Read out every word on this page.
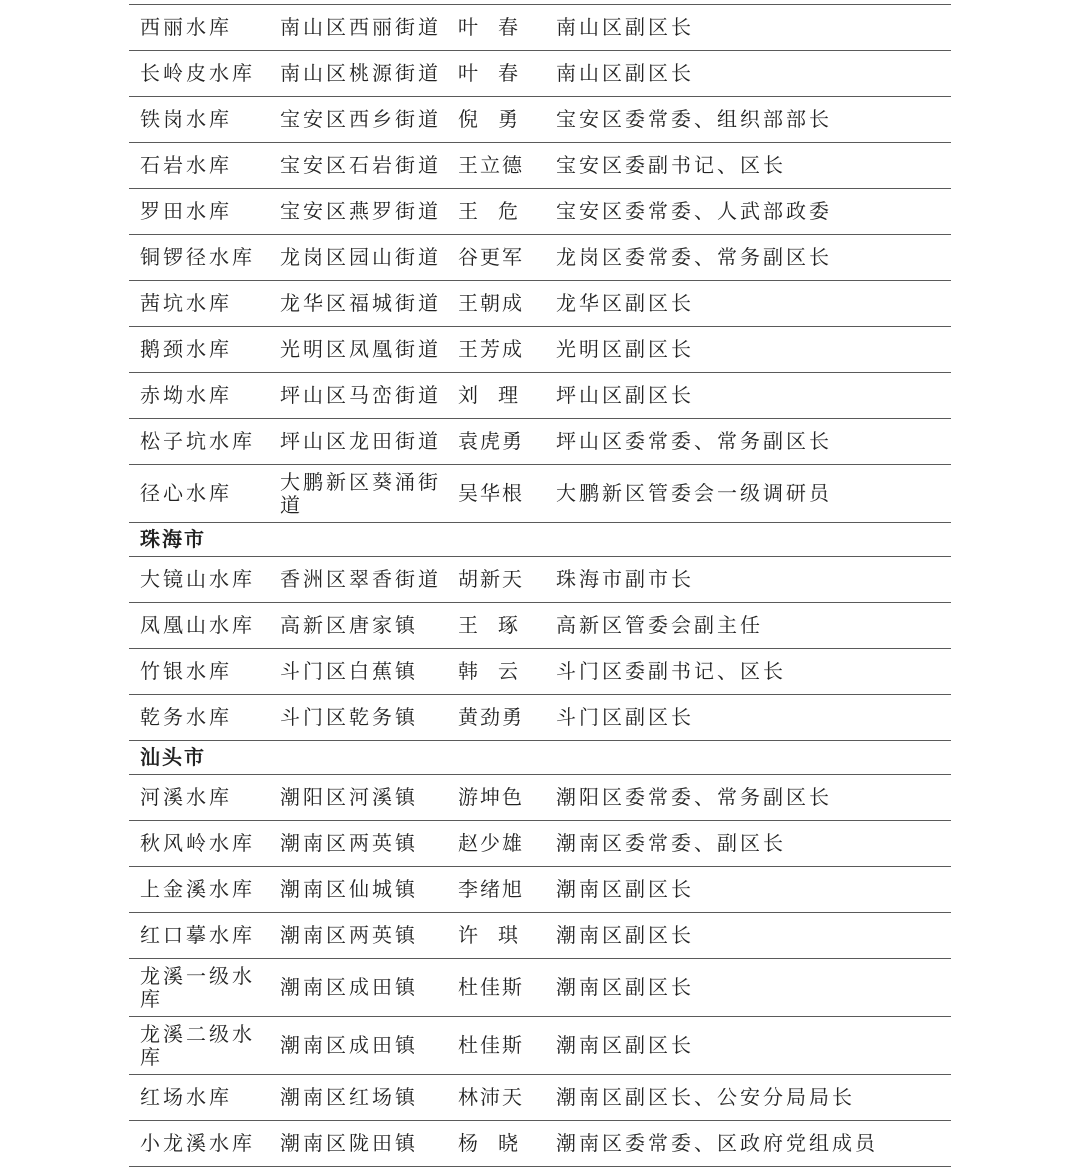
西丽水库	南山区西丽街道	叶　春	南山区副区长
长岭皮水库	南山区桃源街道	叶　春	南山区副区长
铁岗水库	宝安区西乡街道	倪　勇	宝安区委常委、组织部部长
石岩水库	宝安区石岩街道	王立德	宝安区委副书记、区长
罗田水库	宝安区燕罗街道	王　危	宝安区委常委、人武部政委
铜锣径水库	龙岗区园山街道	谷更军	龙岗区委常委、常务副区长
茜坑水库	龙华区福城街道	王朝成	龙华区副区长
鹅颈水库	光明区凤凰街道	王芳成	光明区副区长
赤坳水库	坪山区马峦街道	刘　理	坪山区副区长
松子坑水库	坪山区龙田街道	袁虎勇	坪山区委常委、常务副区长
径心水库	大鹏新区葵涌街道	吴华根	大鹏新区管委会一级调研员
珠海市			
大镜山水库	香洲区翠香街道	胡新天	珠海市副市长
凤凰山水库	高新区唐家镇	王　琢	高新区管委会副主任
竹银水库	斗门区白蕉镇	韩　云	斗门区委副书记、区长
乾务水库	斗门区乾务镇	黄劲勇	斗门区副区长
汕头市			
河溪水库	潮阳区河溪镇	游坤色	潮阳区委常委、常务副区长
秋风岭水库	潮南区两英镇	赵少雄	潮南区委常委、副区长
上金溪水库	潮南区仙城镇	李绪旭	潮南区副区长
红口摹水库	潮南区两英镇	许　琪	潮南区副区长
龙溪一级水库	潮南区成田镇	杜佳斯	潮南区副区长
龙溪二级水库	潮南区成田镇	杜佳斯	潮南区副区长
红场水库	潮南区红场镇	林沛天	潮南区副区长、公安分局局长
小龙溪水库	潮南区陇田镇	杨　晓	潮南区委常委、区政府党组成员
